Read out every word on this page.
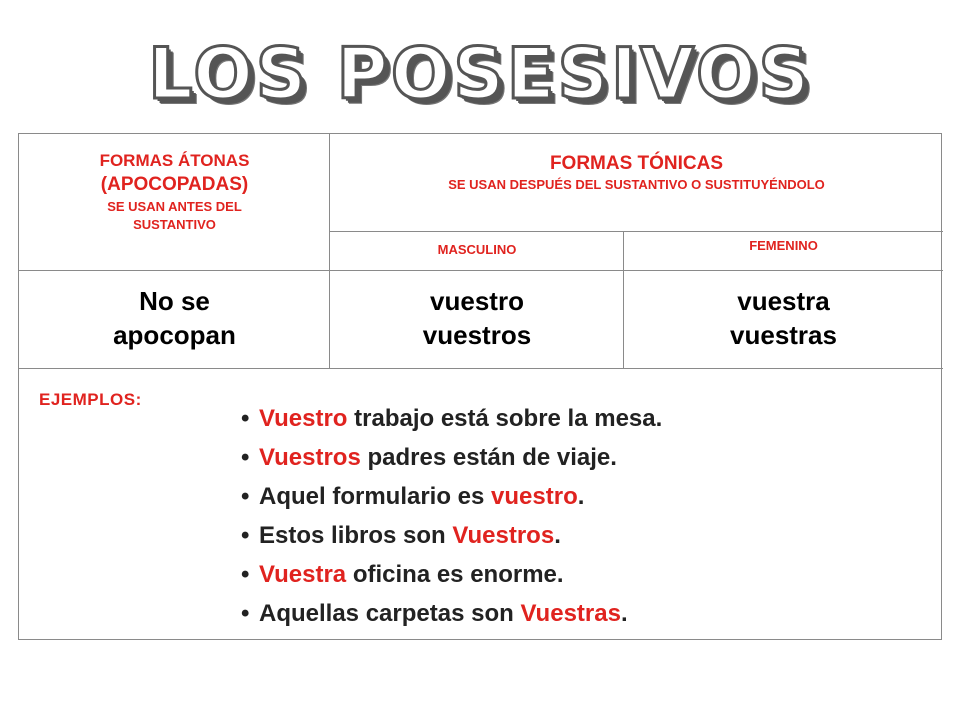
LOS POSESIVOS
FORMAS ÁTONAS
(APOCOPADAS)
SE USAN ANTES DEL
SUSTANTIVO
FORMAS TÓNICAS
SE USAN DESPUÉS DEL SUSTANTIVO O SUSTITUYÉNDOLO
MASCULINO	FEMENINO
No se
apocopan
vuestro
vuestros
vuestra
vuestras
EJEMPLOS:
• Vuestro trabajo está sobre la mesa.
• Vuestros padres están de viaje.
• Aquel formulario es vuestro.
• Estos libros son Vuestros.
• Vuestra oficina es enorme.
• Aquellas carpetas son Vuestras.
